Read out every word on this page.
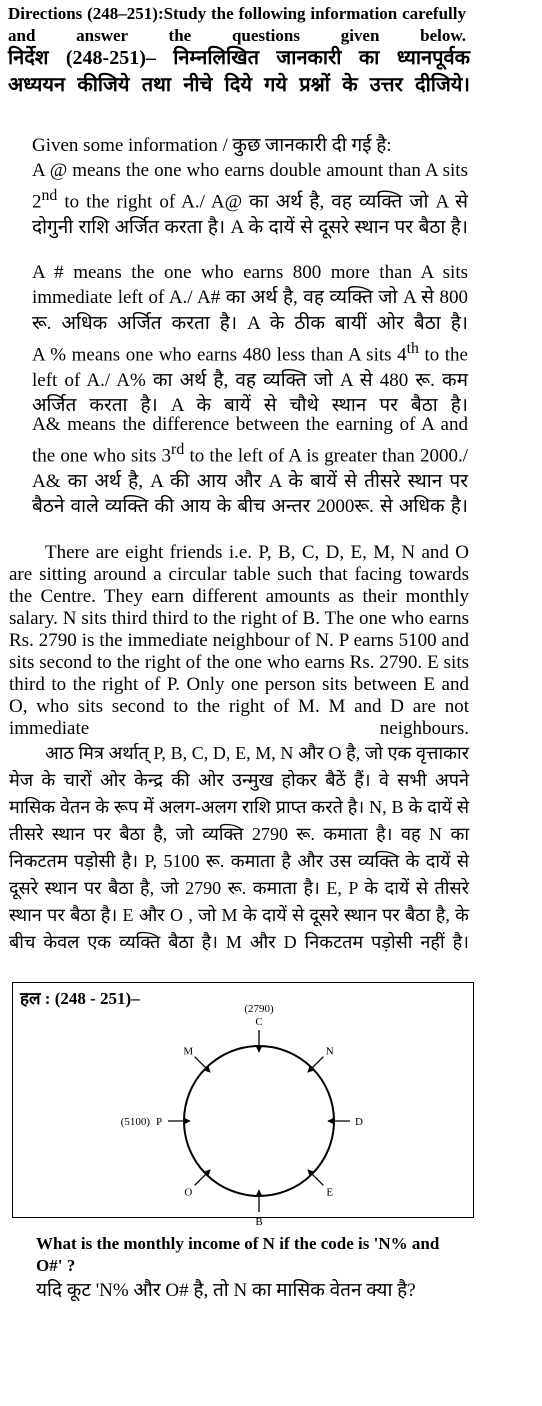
Directions (248–251):Study the following information carefully and answer the questions given below.
निर्देश (248-251)– निम्नलिखित जानकारी का ध्यानपूर्वक अध्ययन कीजिये तथा नीचे दिये गये प्रश्नों के उत्तर दीजिये।
Given some information / कुछ जानकारी दी गई है:
A @ means the one who earns double amount than A sits 2nd to the right of A./ A@ का अर्थ है, वह व्यक्ति जो A से दोगुनी राशि अर्जित करता है। A के दायें से दूसरे स्थान पर बैठा है।
A # means the one who earns 800 more than A sits immediate left of A./ A# का अर्थ है, वह व्यक्ति जो A से 800 रू. अधिक अर्जित करता है। A के ठीक बायीं ओर बैठा है।
A % means one who earns 480 less than A sits 4th to the left of A./ A% का अर्थ है, वह व्यक्ति जो A से 480 रू. कम अर्जित करता है। A के बायें से चौथे स्थान पर बैठा है।
A& means the difference between the earning of A and the one who sits 3rd to the left of A is greater than 2000./ A& का अर्थ है, A की आय और A के बायें से तीसरे स्थान पर बैठने वाले व्यक्ति की आय के बीच अन्तर 2000रू. से अधिक है।
There are eight friends i.e. P, B, C, D, E, M, N and O are sitting around a circular table such that facing towards the Centre. They earn different amounts as their monthly salary. N sits third third to the right of B. The one who earns Rs. 2790 is the immediate neighbour of N. P earns 5100 and sits second to the right of the one who earns Rs. 2790. E sits third to the right of P. Only one person sits between E and O, who sits second to the right of M. M and D are not immediate neighbours.
आठ मित्र अर्थात् P, B, C, D, E, M, N और O है, जो एक वृत्ताकार मेज के चारों ओर केन्द्र की ओर उन्मुख होकर बैठें हैं। वे सभी अपने मासिक वेतन के रूप में अलग-अलग राशि प्राप्त करते है। N, B के दायें से तीसरे स्थान पर बैठा है, जो व्यक्ति 2790 रू. कमाता है। वह N का निकटतम पड़ोसी है। P, 5100 रू. कमाता है और उस व्यक्ति के दायें से दूसरे स्थान पर बैठा है, जो 2790 रू. कमाता है। E, P के दायें से तीसरे स्थान पर बैठा है। E और O , जो M के दायें से दूसरे स्थान पर बैठा है, के बीच केवल एक व्यक्ति बैठा है। M और D निकटतम पड़ोसी नहीं है।
हल : (248 - 251)–
C
(2790)
N
D
E
B
O
P
(5100)
M
What is the monthly income of N if the code is 'N% and O#' ?
यदि कूट 'N% और O# है, तो N का मासिक वेतन क्या है?
